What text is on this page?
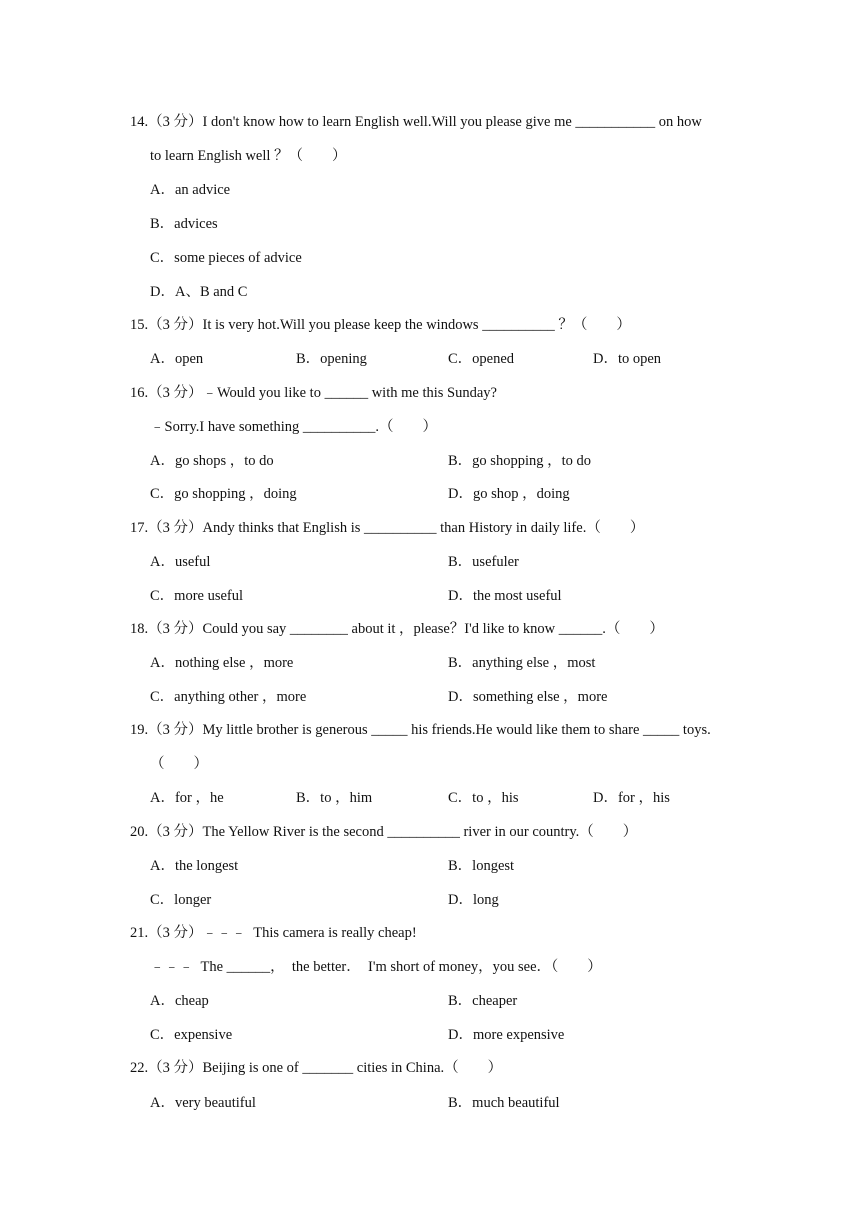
14.（3 分）I don't know how to learn English well.Will you please give me ___________ on how
to learn English well ？（　　）
A．an advice
B．advices
C．some pieces of advice
D．A、B and C
15.（3 分）It is very hot.Will you please keep the windows __________ ？（　　）
A．open	B．opening	C．opened	D．to open
16.（3 分）﹣Would you like to ______ with me this Sunday?
﹣Sorry.I have something __________.（　　）
A．go shops ，to do	B．go shopping ，to do
C．go shopping ，doing	D．go shop ，doing
17.（3 分）Andy thinks that English is __________ than History in daily life.（　　）
A．useful	B．usefuler
C．more useful	D．the most useful
18.（3 分）Could you say ________ about it ，please？I'd like to know ______.（　　）
A．nothing else ，more	B．anything else ，most
C．anything other ，more	D．something else ，more
19.（3 分）My little brother is generous _____ his friends.He would like them to share _____ toys.
（　　）
A．for ，he	B．to ，him	C．to ，his	D．for ，his
20.（3 分）The Yellow River is the second __________ river in our country.（　　）
A．the longest	B．longest
C．longer	D．long
21.（3 分）﹣﹣﹣  This camera is really cheap!
﹣﹣﹣  The ______，  the better．  I'm short of money，you see．（　　）
A．cheap	B．cheaper
C．expensive	D．more expensive
22.（3 分）Beijing is one of _______ cities in China.（　　）
A．very beautiful	B．much beautiful
